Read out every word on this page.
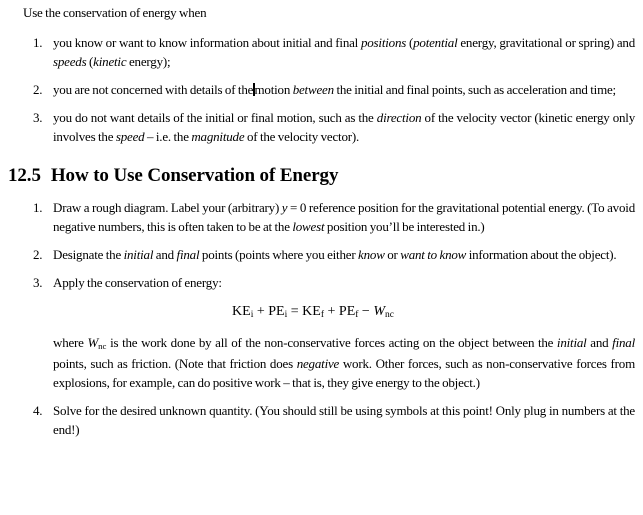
Use the conservation of energy when

1. you know or want to know information about initial and final positions (potential energy, gravitational or spring) and speeds (kinetic energy);
2. you are not concerned with details of themotion between the initial and final points, such as acceleration and time;
3. you do not want details of the initial or final motion, such as the direction of the velocity vector (kinetic energy only involves the speed – i.e. the magnitude of the velocity vector).
12.5 How to Use Conservation of Energy
1. Draw a rough diagram. Label your (arbitrary) y = 0 reference position for the gravitational potential energy. (To avoid negative numbers, this is often taken to be at the lowest position you’ll be interested in.)
2. Designate the initial and final points (points where you either know or want to know information about the object).
3. Apply the conservation of energy:

KEi + PEi = KEf + PEf − Wnc

where Wnc is the work done by all of the non-conservative forces acting on the object between the initial and final points, such as friction. (Note that friction does negative work. Other forces, such as non-conservative forces from explosions, for example, can do positive work – that is, they give energy to the object.)

4. Solve for the desired unknown quantity. (You should still be using symbols at this point! Only plug in numbers at the end!)
